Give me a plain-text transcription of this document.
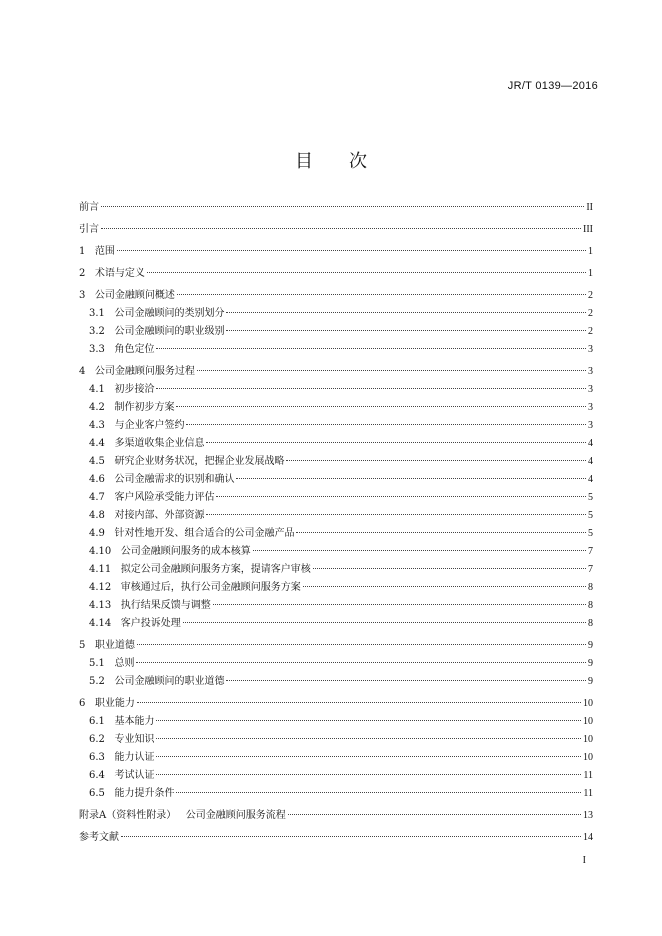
JR/T 0139—2016
目次
前言	II
引言	III
1   范围	1
2   术语与定义	1
3   公司金融顾问概述	2
3.1   公司金融顾问的类别划分	2
3.2   公司金融顾问的职业级别	2
3.3   角色定位	3
4   公司金融顾问服务过程	3
4.1   初步接洽	3
4.2   制作初步方案	3
4.3   与企业客户签约	3
4.4   多渠道收集企业信息	4
4.5   研究企业财务状况，把握企业发展战略	4
4.6   公司金融需求的识别和确认	4
4.7   客户风险承受能力评估	5
4.8   对接内部、外部资源	5
4.9   针对性地开发、组合适合的公司金融产品	5
4.10   公司金融顾问服务的成本核算	7
4.11   拟定公司金融顾问服务方案，提请客户审核	7
4.12   审核通过后，执行公司金融顾问服务方案	8
4.13   执行结果反馈与调整	8
4.14   客户投诉处理	8
5   职业道德	9
5.1   总则	9
5.2   公司金融顾问的职业道德	9
6   职业能力	10
6.1   基本能力	10
6.2   专业知识	10
6.3   能力认证	10
6.4   考试认证	11
6.5   能力提升条件	11
附录A（资料性附录）   公司金融顾问服务流程	13
参考文献	14
I
